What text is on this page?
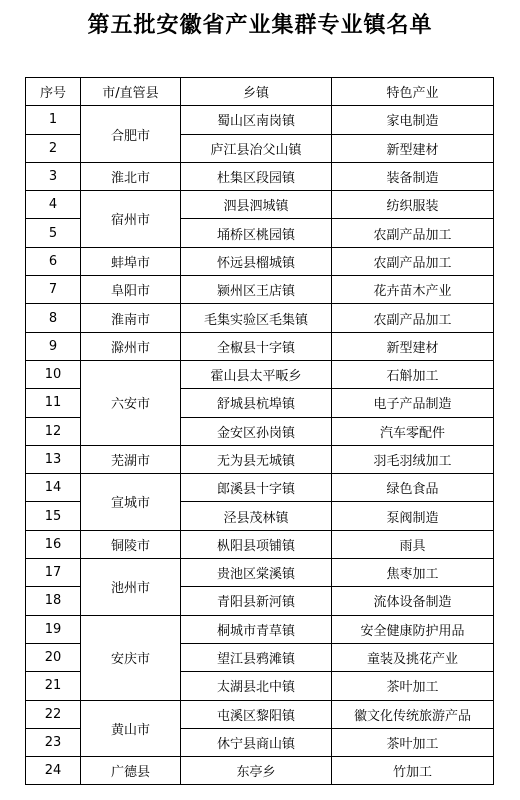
第五批安徽省产业集群专业镇名单
序号	市/直管县	乡镇	特色产业
1	合肥市	蜀山区南岗镇	家电制造
2		庐江县冶父山镇	新型建材
3	淮北市	杜集区段园镇	装备制造
4	宿州市	泗县泗城镇	纺织服装
5		埇桥区桃园镇	农副产品加工
6	蚌埠市	怀远县榴城镇	农副产品加工
7	阜阳市	颍州区王店镇	花卉苗木产业
8	淮南市	毛集实验区毛集镇	农副产品加工
9	滁州市	全椒县十字镇	新型建材
10	六安市	霍山县太平畈乡	石斛加工
11		舒城县杭埠镇	电子产品制造
12		金安区孙岗镇	汽车零配件
13	芜湖市	无为县无城镇	羽毛羽绒加工
14	宣城市	郎溪县十字镇	绿色食品
15		泾县茂林镇	泵阀制造
16	铜陵市	枞阳县项铺镇	雨具
17	池州市	贵池区棠溪镇	焦枣加工
18		青阳县新河镇	流体设备制造
19	安庆市	桐城市青草镇	安全健康防护用品
20		望江县鸦滩镇	童装及挑花产业
21		太湖县北中镇	茶叶加工
22	黄山市	屯溪区黎阳镇	徽文化传统旅游产品
23		休宁县商山镇	茶叶加工
24	广德县	东亭乡	竹加工
